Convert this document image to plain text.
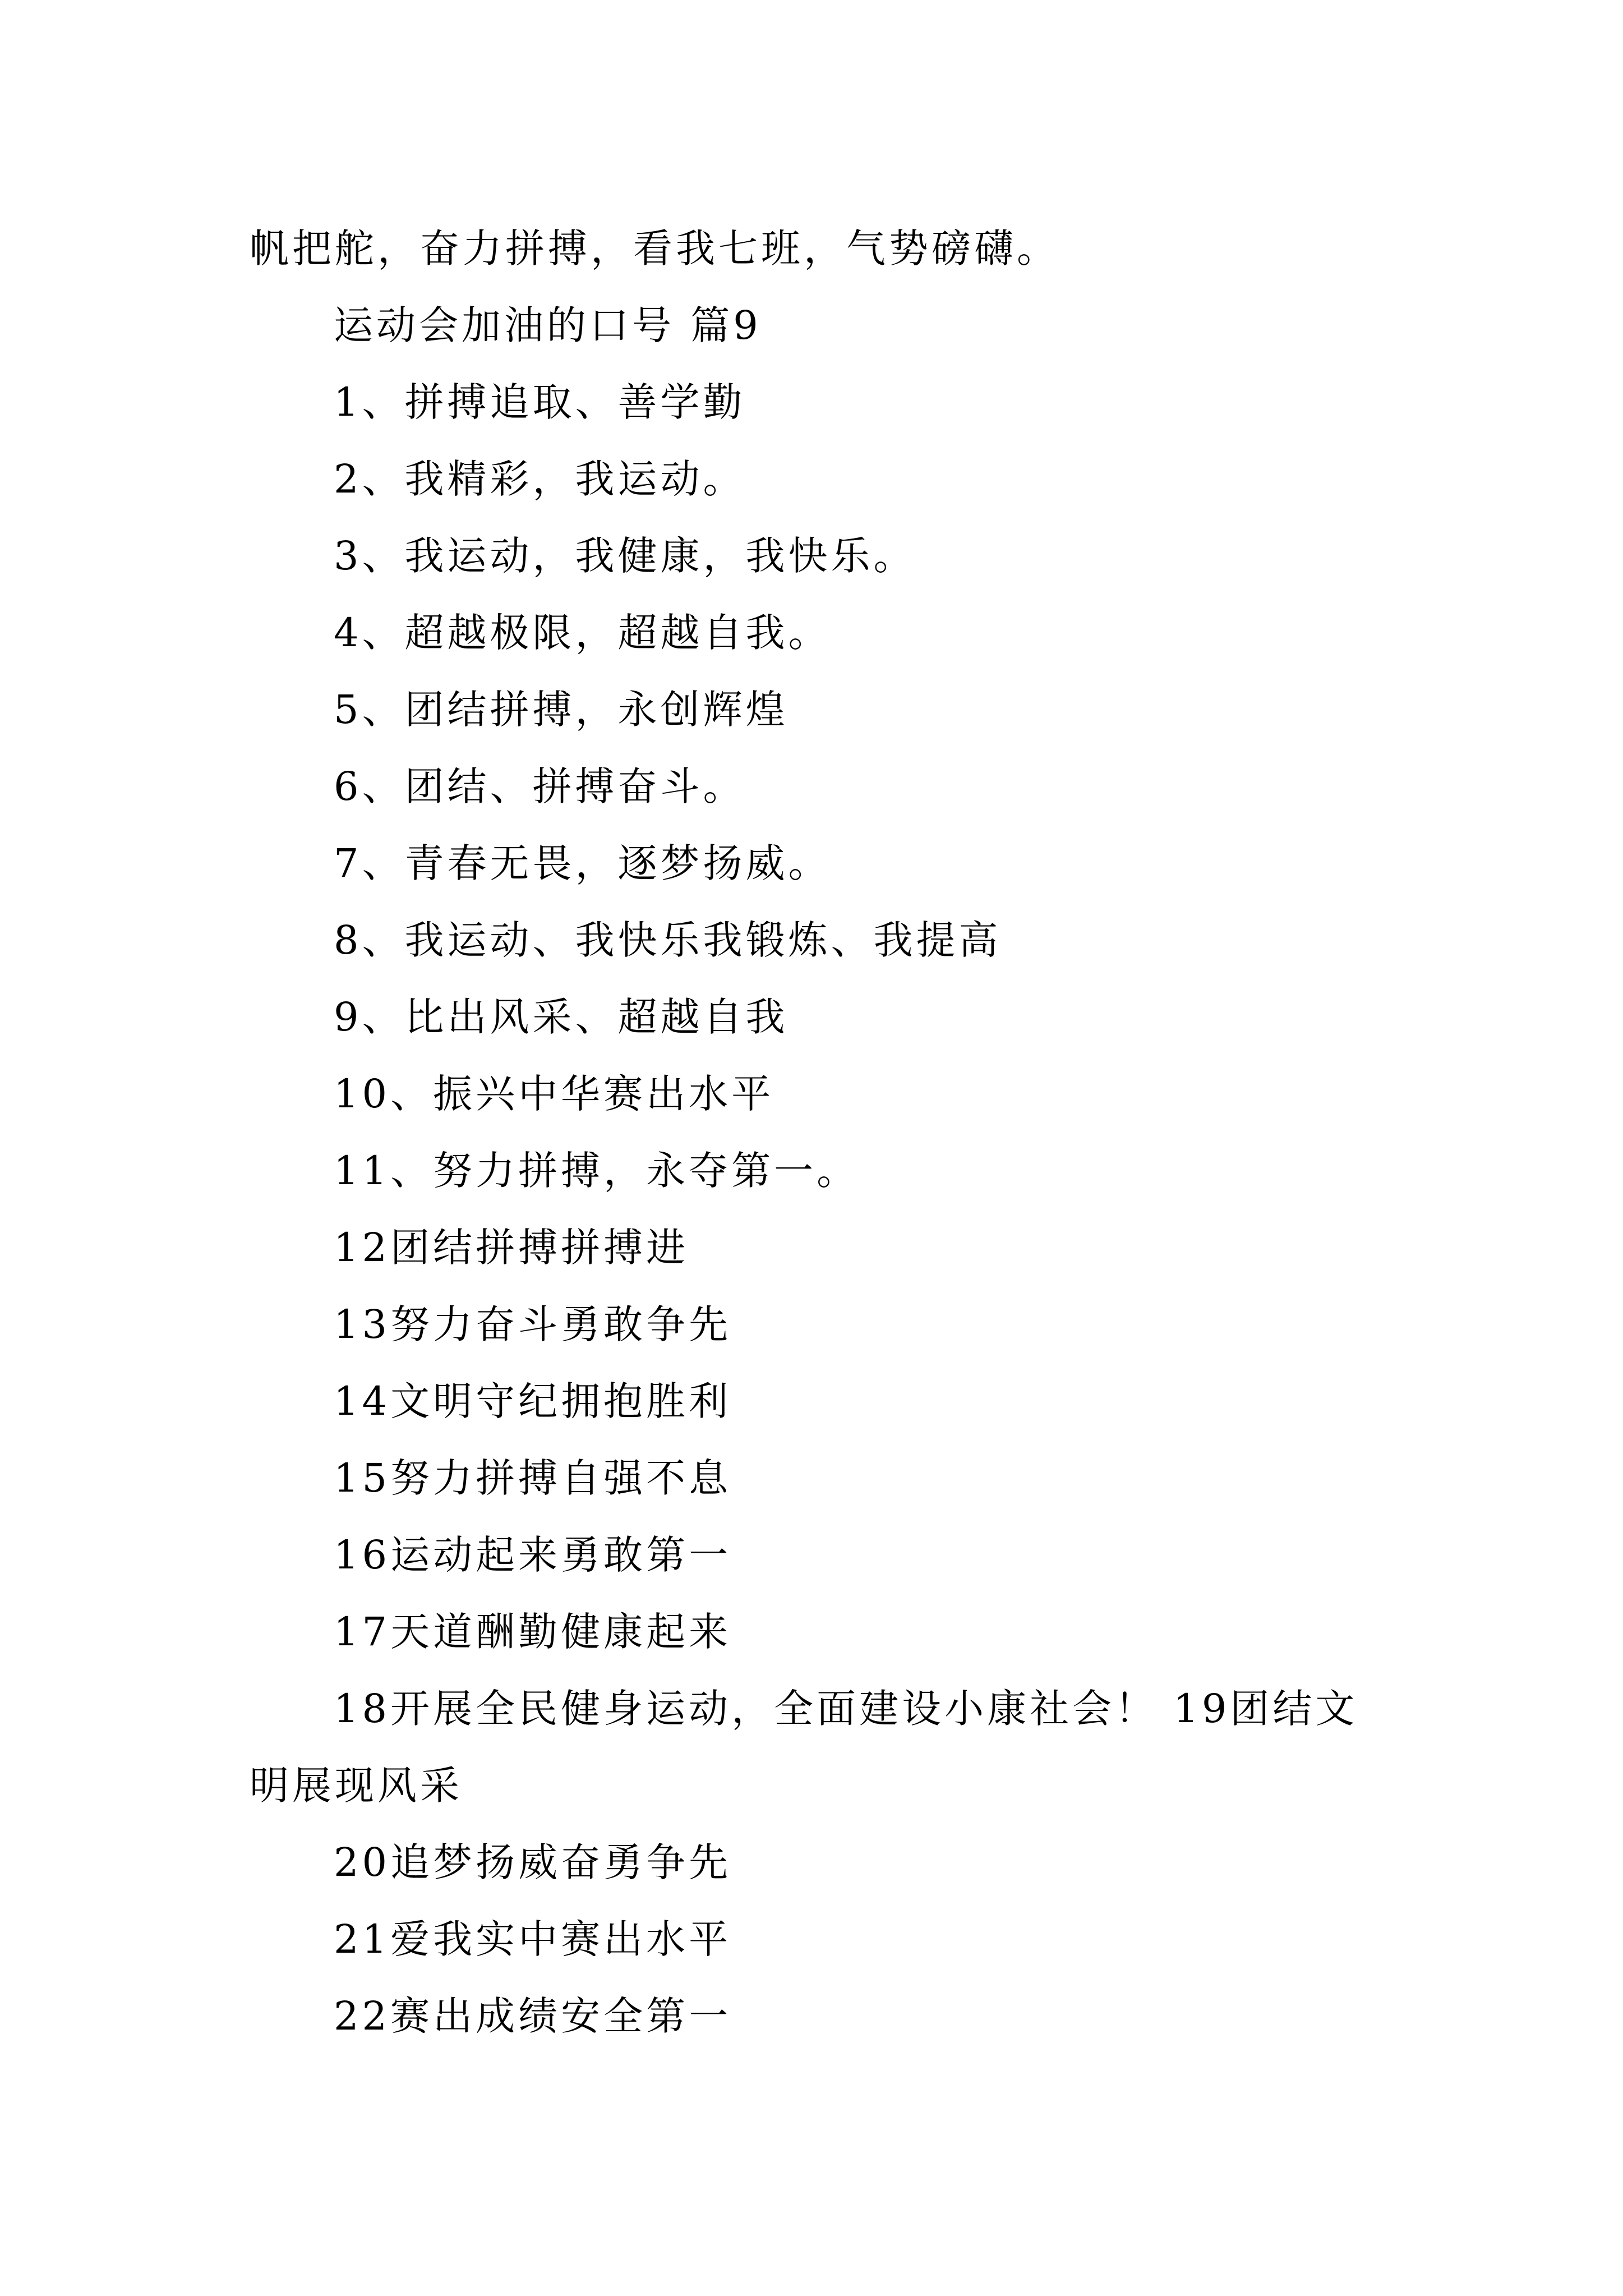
帆把舵，奋力拼搏，看我七班，气势磅礴。
运动会加油的口号 篇9
1、拼搏追取、善学勤
2、我精彩，我运动。
3、我运动，我健康，我快乐。
4、超越极限，超越自我。
5、团结拼搏，永创辉煌
6、团结、拼搏奋斗。
7、青春无畏，逐梦扬威。
8、我运动、我快乐我锻炼、我提高
9、比出风采、超越自我
10、振兴中华赛出水平
11、努力拼搏，永夺第一。
12团结拼搏拼搏进
13努力奋斗勇敢争先
14文明守纪拥抱胜利
15努力拼搏自强不息
16运动起来勇敢第一
17天道酬勤健康起来
18开展全民健身运动，全面建设小康社会！ 19团结文明展现风采
20追梦扬威奋勇争先
21爱我实中赛出水平
22赛出成绩安全第一
